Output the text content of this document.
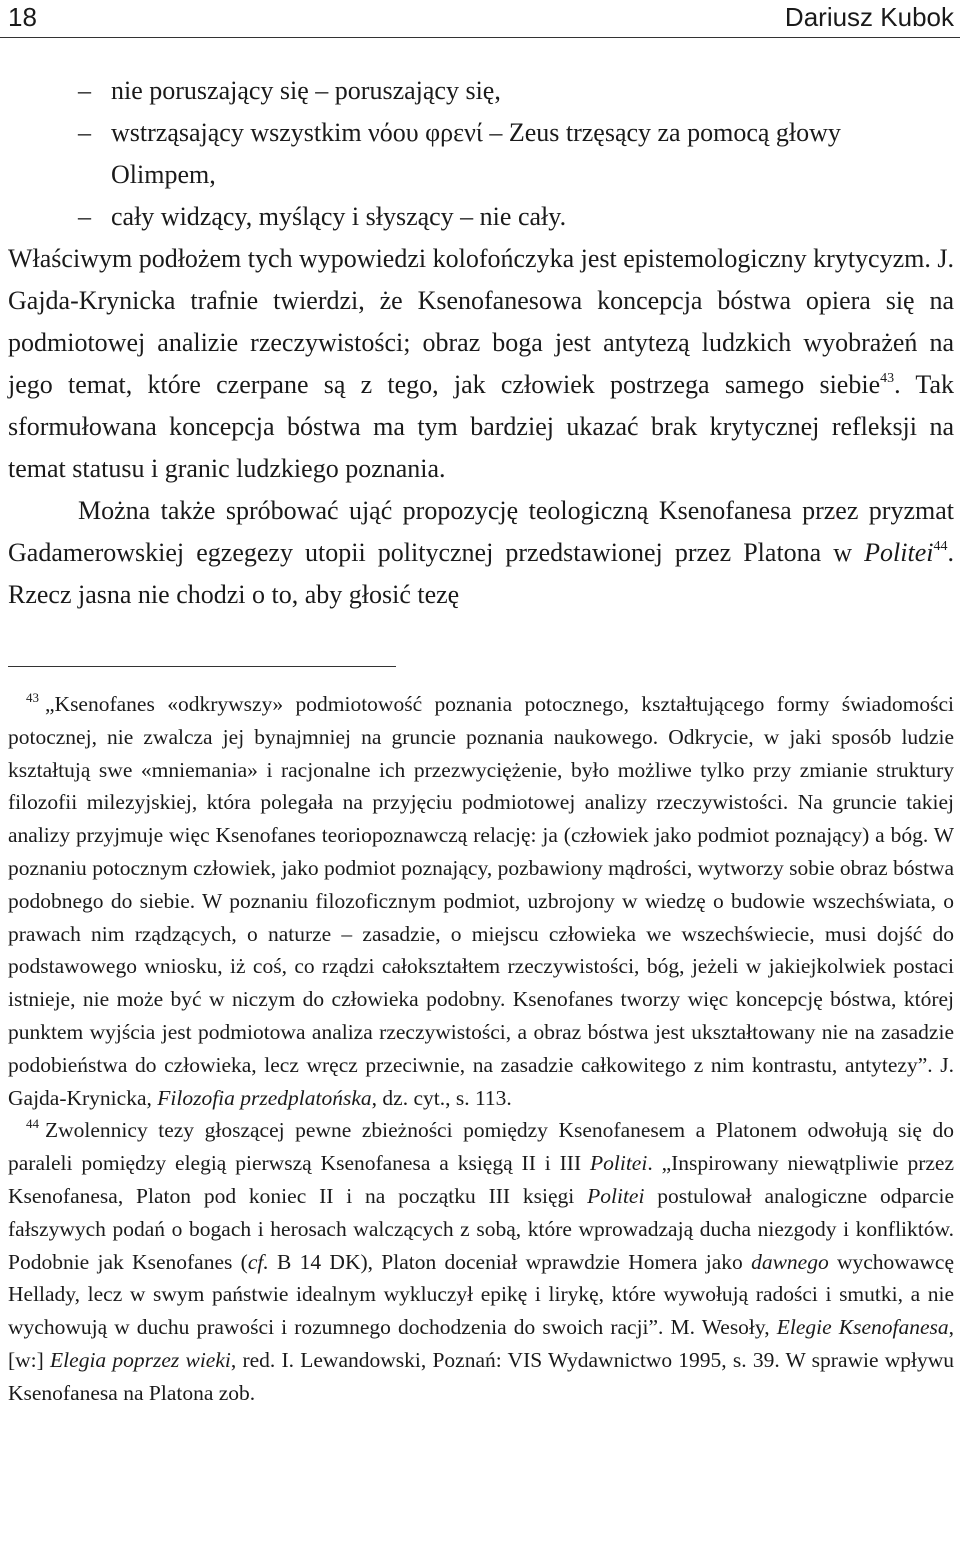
18	Dariusz Kubok
– nie poruszający się – poruszający się,
– wstrząsający wszystkim νόου φρενί – Zeus trzęsący za pomocą głowy
Olimpem,
– cały widzący, myślący i słyszący – nie cały.

Właściwym podłożem tych wypowiedzi kolofończyka jest epistemologiczny krytycyzm. J. Gajda-Krynicka trafnie twierdzi, że Ksenofanesowa koncepcja bóstwa opiera się na podmiotowej analizie rzeczywistości; obraz boga jest antytezą ludzkich wyobrażeń na jego temat, które czerpane są z tego, jak człowiek postrzega samego siebie$^{43}$. Tak sformułowana koncepcja bóstwa ma tym bardziej ukazać brak krytycznej refleksji na temat statusu i granic ludzkiego poznania.

Można także spróbować ująć propozycję teologiczną Ksenofanesa przez pryzmat Gadamerowskiej egzegezy utopii politycznej przedstawionej przez Platona w Politei$^{44}$. Rzecz jasna nie chodzi o to, aby głosić tezę

$^{43}$ „Ksenofanes «odkrywszy» podmiotowość poznania potocznego, kształtującego formy świadomości potocznej, nie zwalcza jej bynajmniej na gruncie poznania naukowego. Odkrycie, w jaki sposób ludzie kształtują swe «mniemania» i racjonalne ich przezwyciężenie, było możliwe tylko przy zmianie struktury filozofii milezyjskiej, która polegała na przyjęciu podmiotowej analizy rzeczywistości. Na gruncie takiej analizy przyjmuje więc Ksenofanes teoriopoznawczą relację: ja (człowiek jako podmiot poznający) a bóg. W poznaniu potocznym człowiek, jako podmiot poznający, pozbawiony mądrości, wytworzy sobie obraz bóstwa podobnego do siebie. W poznaniu filozoficznym podmiot, uzbrojony w wiedzę o budowie wszechświata, o prawach nim rządzących, o naturze – zasadzie, o miejscu człowieka we wszechświecie, musi dojść do podstawowego wniosku, iż coś, co rządzi całokształtem rzeczywistości, bóg, jeżeli w jakiejkolwiek postaci istnieje, nie może być w niczym do człowieka podobny. Ksenofanes tworzy więc koncepcję bóstwa, której punktem wyjścia jest podmiotowa analiza rzeczywistości, a obraz bóstwa jest ukształtowany nie na zasadzie podobieństwa do człowieka, lecz wręcz przeciwnie, na zasadzie całkowitego z nim kontrastu, antytezy”. J. Gajda-Krynicka, Filozofia przedplatońska, dz. cyt., s. 113.

$^{44}$ Zwolennicy tezy głoszącej pewne zbieżności pomiędzy Ksenofanesem a Platonem odwołują się do paraleli pomiędzy elegią pierwszą Ksenofanesa a księgą II i III Politei. „Inspirowany niewątpliwie przez Ksenofanesa, Platon pod koniec II i na początku III księgi Politei postulował analogiczne odparcie fałszywych podań o bogach i herosach walczących z sobą, które wprowadzają ducha niezgody i konfliktów. Podobnie jak Ksenofanes (cf. B 14 DK), Platon doceniał wprawdzie Homera jako dawnego wychowawcę Hellady, lecz w swym państwie idealnym wykluczył epikę i lirykę, które wywołują radości i smutki, a nie wychowują w duchu prawości i rozumnego dochodzenia do swoich racji”. M. Wesoły, Elegie Ksenofanesa, [w:] Elegia poprzez wieki, red. I. Lewandowski, Poznań: VIS Wydawnictwo 1995, s. 39. W sprawie wpływu Ksenofanesa na Platona zob.
